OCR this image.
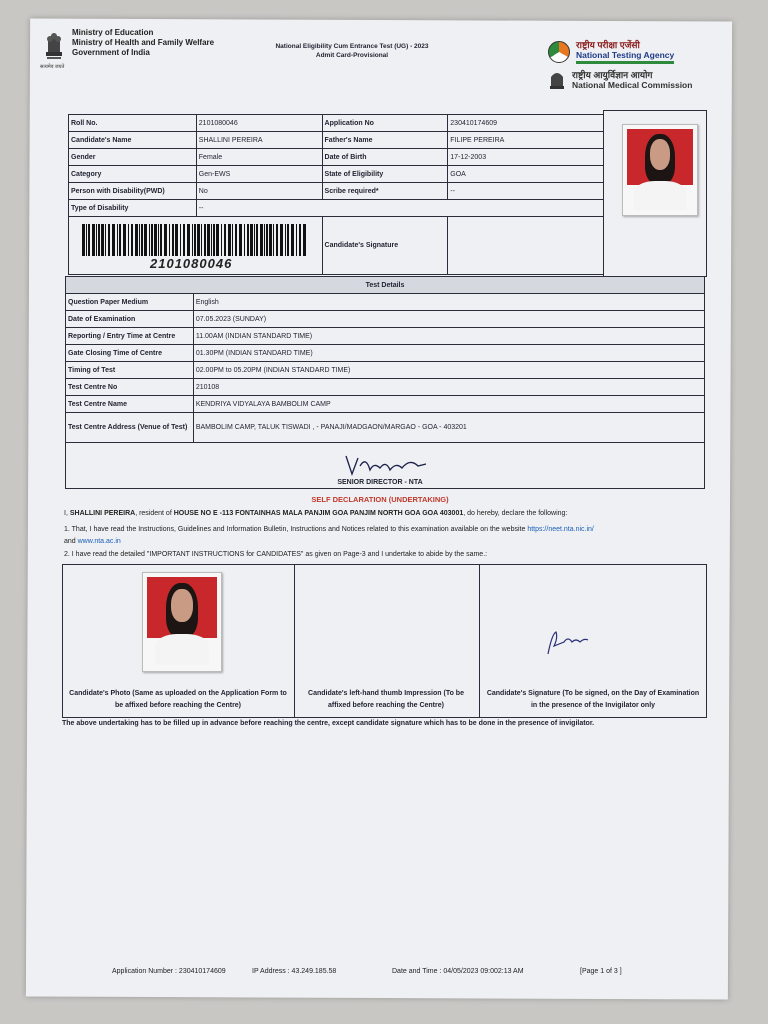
Ministry of Education
Ministry of Health and Family Welfare
Government of India
सत्यमेव जयते
National Eligibility Cum Entrance Test (UG) - 2023
Admit Card-Provisional
राष्ट्रीय परीक्षा एजेंसी
National Testing Agency
राष्ट्रीय आयुर्विज्ञान आयोग
National Medical Commission
Roll No.	2101080046	Application No	230410174609
Candidate's Name	SHALLINI PEREIRA	Father's Name	FILIPE PEREIRA
Gender	Female	Date of Birth	17-12-2003
Category	Gen-EWS	State of Eligibility	GOA
Person with Disability(PWD)	No	Scribe required*	--
Type of Disability	--		
		Candidate's Signature	
2101080046
Test Details	
Question Paper Medium	English
Date of Examination	07.05.2023 (SUNDAY)
Reporting / Entry Time at Centre	11.00AM (INDIAN STANDARD TIME)
Gate Closing Time of Centre	01.30PM (INDIAN STANDARD TIME)
Timing of Test	02.00PM to 05.20PM (INDIAN STANDARD TIME)
Test Centre No	210108
Test Centre Name	KENDRIYA VIDYALAYA BAMBOLIM CAMP
Test Centre Address (Venue of Test)	BAMBOLIM CAMP, TALUK TISWADI , - PANAJI/MADGAON/MARGAO - GOA - 403201

SENIOR DIRECTOR - NTA
SELF DECLARATION (UNDERTAKING)
I, SHALLINI PEREIRA, resident of HOUSE NO E -113 FONTAINHAS MALA PANJIM GOA PANJIM NORTH GOA GOA 403001, do hereby, declare the following:
1. That, I have read the Instructions, Guidelines and Information Bulletin, Instructions and Notices related to this examination available on the website https://neet.nta.nic.in/
and www.nta.ac.in
2. I have read the detailed "IMPORTANT INSTRUCTIONS for CANDIDATES" as given on Page-3 and I undertake to abide by the same.:
Candidate's Photo (Same as uploaded on the Application Form to be affixed before reaching the Centre)
Candidate's left-hand thumb Impression (To be affixed before reaching the Centre)
Candidate's Signature (To be signed, on the Day of Examination in the presence of the Invigilator only
The above undertaking has to be filled up in advance before reaching the centre, except candidate signature which has to be done in the presence of invigilator.
Application Number : 230410174609	IP Address : 43.249.185.58	Date and Time : 04/05/2023 09:002:13 AM	[Page 1 of 3 ]
